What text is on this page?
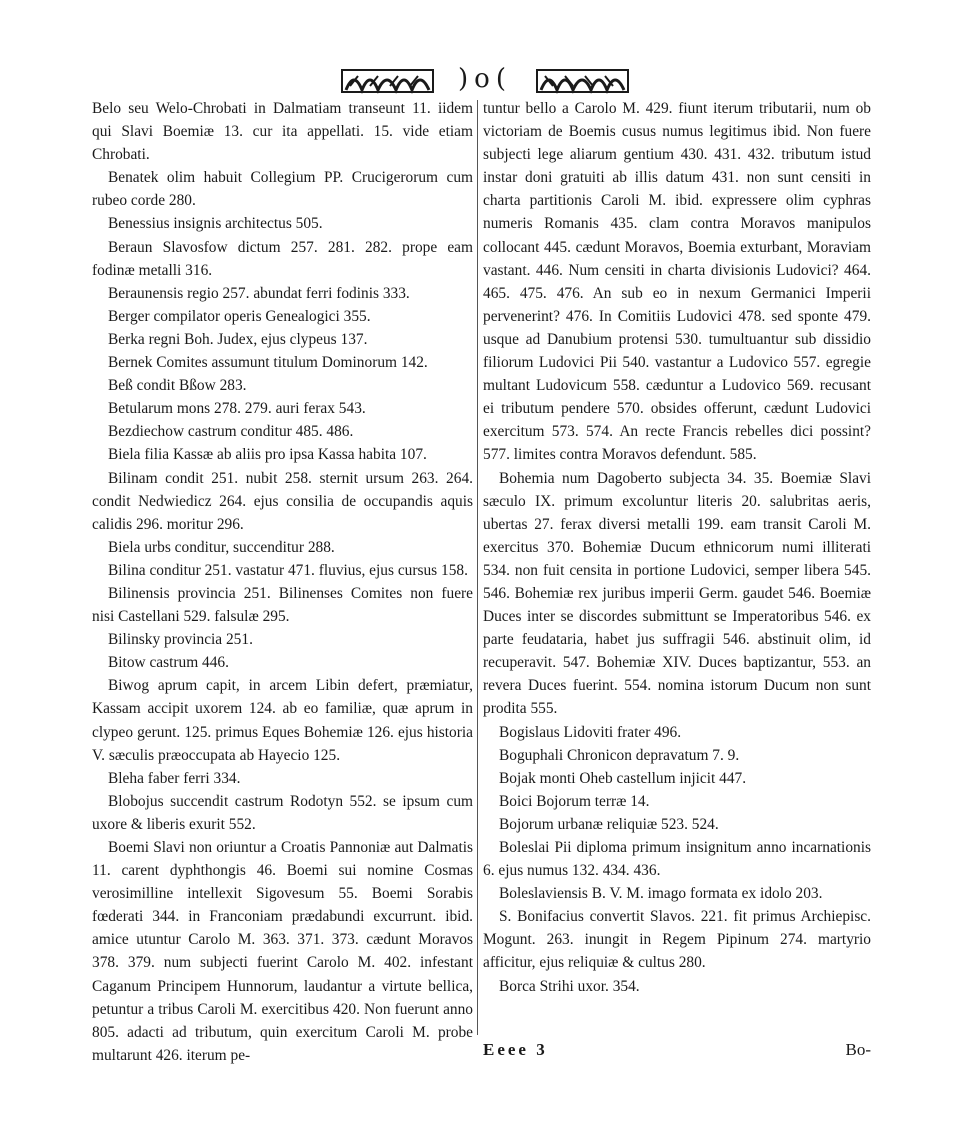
)o(

Belo seu Welo-Chrobati in Dalmatiam transeunt 11. iidem qui Slavi Boemiæ 13. cur ita appellati. 15. vide etiam Chrobati.

Benatek olim habuit Collegium PP. Crucigerorum cum rubeo corde 280.

Benessius insignis architectus 505.

Beraun Slavosfow dictum 257. 281. 282. prope eam fodinæ metalli 316.

Beraunensis regio 257. abundat ferri fodinis 333.

Berger compilator operis Genealogici 355.

Berka regni Boh. Judex, ejus clypeus 137.

Bernek Comites assumunt titulum Dominorum 142.

Beß condit Bßow 283.

Betularum mons 278. 279. auri ferax 543.

Bezdiechow castrum conditur 485. 486.

Biela filia Kassæ ab aliis pro ipsa Kassa habita 107.

Bilinam condit 251. nubit 258. sternit ursum 263. 264. condit Nedwiedicz 264. ejus consilia de occupandis aquis calidis 296. moritur 296.

Biela urbs conditur, succenditur 288.

Bilina conditur 251. vastatur 471. fluvius, ejus cursus 158.

Bilinensis provincia 251. Bilinenses Comites non fuere nisi Castellani 529. falsulæ 295.

Bilinsky provincia 251.

Bitow castrum 446.

Biwog aprum capit, in arcem Libin defert, præmiatur, Kassam accipit uxorem 124. ab eo familiæ, quæ aprum in clypeo gerunt. 125. primus Eques Bohemiæ 126. ejus historia V. sæculis præoccupata ab Hayecio 125.

Bleha faber ferri 334.

Blobojus succendit castrum Rodotyn 552. se ipsum cum uxore & liberis exurit 552.

Boemi Slavi non oriuntur a Croatis Pannoniæ aut Dalmatis 11. carent dyphthongis 46. Boemi sui nomine Cosmas verosimilline intellexit Sigovesum 55. Boemi Sorabis fœderati 344. in Franconiam prædabundi excurrunt. ibid. amice utuntur Carolo M. 363. 371. 373. cædunt Moravos 378. 379. num subjecti fuerint Carolo M. 402. infestant Caganum Principem Hunnorum, laudantur a virtute bellica, petuntur a tribus Caroli M. exercitibus 420. Non fuerunt anno 805. adacti ad tributum, quin exercitum Caroli M. probe multarunt 426. iterum pe-

tuntur bello a Carolo M. 429. fiunt iterum tributarii, num ob victoriam de Boemis cusus numus legitimus ibid. Non fuere subjecti lege aliarum gentium 430. 431. 432. tributum istud instar doni gratuiti ab illis datum 431. non sunt censiti in charta partitionis Caroli M. ibid. expressere olim cyphras numeris Romanis 435. clam contra Moravos manipulos collocant 445. cædunt Moravos, Boemia exturbant, Moraviam vastant. 446. Num censiti in charta divisionis Ludovici? 464. 465. 475. 476. An sub eo in nexum Germanici Imperii pervenerint? 476. In Comitiis Ludovici 478. sed sponte 479. usque ad Danubium protensi 530. tumultuantur sub dissidio filiorum Ludovici Pii 540. vastantur a Ludovico 557. egregie multant Ludovicum 558. cæduntur a Ludovico 569. recusant ei tributum pendere 570. obsides offerunt, cædunt Ludovici exercitum 573. 574. An recte Francis rebelles dici possint? 577. limites contra Moravos defendunt. 585.

Bohemia num Dagoberto subjecta 34. 35. Boemiæ Slavi sæculo IX. primum excoluntur literis 20. salubritas aeris, ubertas 27. ferax diversi metalli 199. eam transit Caroli M. exercitus 370. Bohemiæ Ducum ethnicorum numi illiterati 534. non fuit censita in portione Ludovici, semper libera 545. 546. Bohemiæ rex juribus imperii Germ. gaudet 546. Boemiæ Duces inter se discordes submittunt se Imperatoribus 546. ex parte feudataria, habet jus suffragii 546. abstinuit olim, id recuperavit. 547. Bohemiæ XIV. Duces baptizantur, 553. an revera Duces fuerint. 554. nomina istorum Ducum non sunt prodita 555.

Bogislaus Lidoviti frater 496.

Boguphali Chronicon depravatum 7. 9.

Bojak monti Oheb castellum injicit 447.

Boici Bojorum terræ 14.

Bojorum urbanæ reliquiæ 523. 524.

Boleslai Pii diploma primum insignitum anno incarnationis 6. ejus numus 132. 434. 436.

Boleslaviensis B. V. M. imago formata ex idolo 203.

S. Bonifacius convertit Slavos. 221. fit primus Archiepisc. Mogunt. 263. inungit in Regem Pipinum 274. martyrio afficitur, ejus reliquiæ & cultus 280.

Borca Strihi uxor. 354.

Eeee 3	Bo-
